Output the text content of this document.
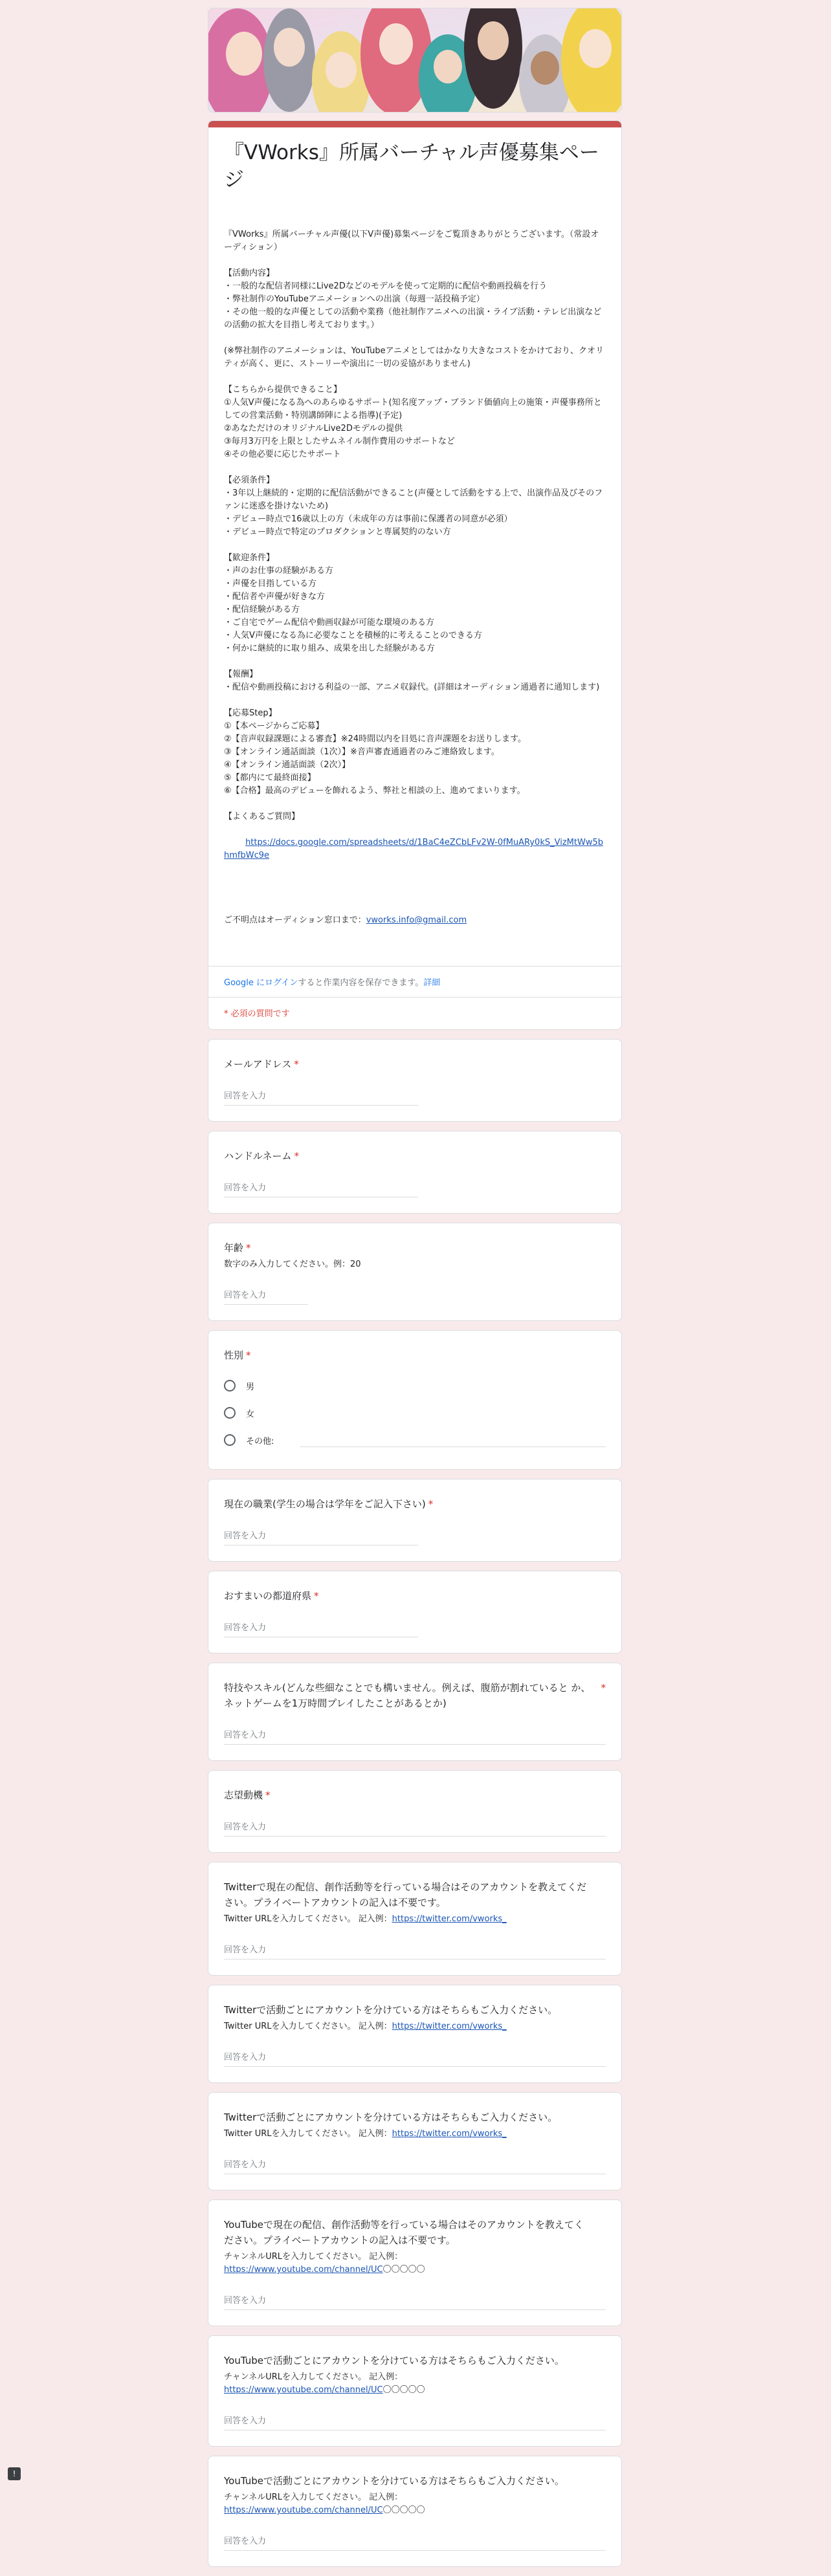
『VWorks』所属バーチャル声優募集ページ

『VWorks』所属バーチャル声優(以下V声優)募集ページをご覧頂きありがとうございます。（常設オーディション）
【活動内容】
・一般的な配信者同様にLive2Dなどのモデルを使って定期的に配信や動画投稿を行う
・弊社制作のYouTubeアニメーションへの出演（毎週一話投稿予定）
・その他一般的な声優としての活動や業務（他社制作アニメへの出演・ライブ活動・テレビ出演などの活動の拡大を目指し考えております。）
(※弊社制作のアニメーションは、YouTubeアニメとしてはかなり大きなコストをかけており、クオリティが高く、更に、ストーリーや演出に一切の妥協がありません)
【こちらから提供できること】
①人気V声優になる為へのあらゆるサポート(知名度アップ・ブランド価値向上の施策・声優事務所としての営業活動・特別講師陣による指導)(予定)
②あなただけのオリジナルLive2Dモデルの提供
③毎月3万円を上限としたサムネイル制作費用のサポートなど
④その他必要に応じたサポート
【必須条件】
・3年以上継続的・定期的に配信活動ができること(声優として活動をする上で、出演作品及びそのファンに迷惑を掛けないため)
・デビュー時点で16歳以上の方（未成年の方は事前に保護者の同意が必須）
・デビュー時点で特定のプロダクションと専属契約のない方
【歓迎条件】
・声のお仕事の経験がある方
・声優を目指している方
・配信者や声優が好きな方
・配信経験がある方
・ご自宅でゲーム配信や動画収録が可能な環境のある方
・人気V声優になる為に必要なことを積極的に考えることのできる方
・何かに継続的に取り組み、成果を出した経験がある方
【報酬】
・配信や動画投稿における利益の一部、アニメ収録代。(詳細はオーディション通過者に通知します)
【応募Step】
①【本ページからご応募】
②【音声収録課題による審査】※24時間以内を目処に音声課題をお送りします。
③【オンライン通話面談（1次）】※音声審査通過者のみご連絡致します。
④【オンライン通話面談（2次）】
⑤【都内にて最終面接】
⑥【合格】最高のデビューを飾れるよう、弊社と相談の上、進めてまいります。
【よくあるご質問】

https://docs.google.com/spreadsheets/d/1BaC4eZCbLFv2W-0fMuARy0kS_VizMtWw5bhmfbWc9e

ご不明点はオーディション窓口まで：vworks.info@gmail.com

Google にログインすると作業内容を保存できます。詳細
* 必須の質問です
メールアドレス *
回答を入力
ハンドルネーム *
回答を入力
年齢 *
数字のみ入力してください。例：20
回答を入力
性別 *
男
女
その他:
現在の職業(学生の場合は学年をご記入下さい) *
回答を入力
おすまいの都道府県 *
回答を入力
特技やスキル(どんな些細なことでも構いません。例えば、腹筋が割れていると か、ネットゲームを1万時間プレイしたことがあるとか)
*
回答を入力
志望動機 *
回答を入力
Twitterで現在の配信、創作活動等を行っている場合はそのアカウントを教えてください。プライベートアカウントの記入は不要です。
Twitter URLを入力してください。 記入例：https://twitter.com/vworks_
回答を入力
Twitterで活動ごとにアカウントを分けている方はそちらもご入力ください。
Twitter URLを入力してください。 記入例：https://twitter.com/vworks_
回答を入力
Twitterで活動ごとにアカウントを分けている方はそちらもご入力ください。
Twitter URLを入力してください。 記入例：https://twitter.com/vworks_
回答を入力
YouTubeで現在の配信、創作活動等を行っている場合はそのアカウントを教えてください。プライベートアカウントの記入は不要です。
チャンネルURLを入力してください。 記入例：
https://www.youtube.com/channel/UC〇〇〇〇〇
回答を入力
YouTubeで活動ごとにアカウントを分けている方はそちらもご入力ください。
チャンネルURLを入力してください。 記入例：
https://www.youtube.com/channel/UC〇〇〇〇〇
回答を入力
YouTubeで活動ごとにアカウントを分けている方はそちらもご入力ください。
チャンネルURLを入力してください。 記入例：
https://www.youtube.com/channel/UC〇〇〇〇〇
回答を入力
!
